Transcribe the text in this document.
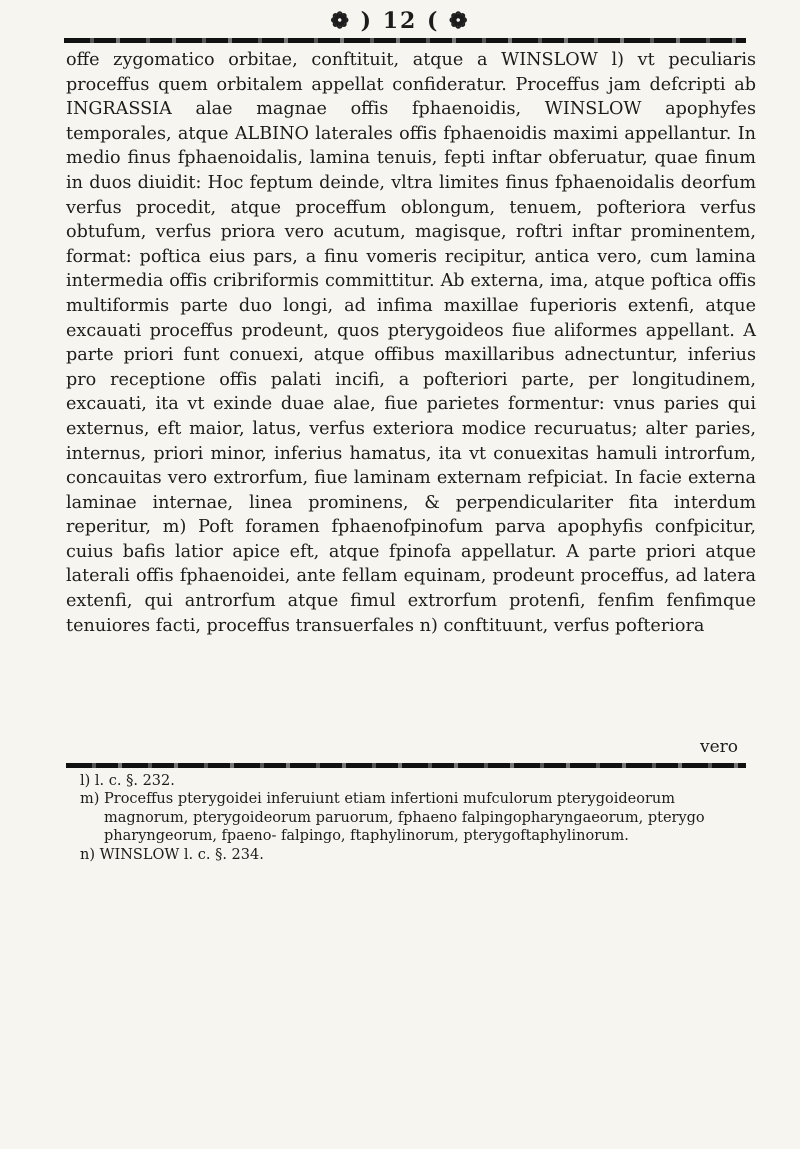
❁ ) 12 ( ❁

offe zygomatico orbitae, conftituit, atque a WINSLOW l) vt peculiaris proceffus quem orbitalem appellat confideratur. Proceffus jam defcripti ab INGRASSIA alae magnae offis fphaenoidis, WINSLOW apophyfes temporales, atque ALBINO laterales offis fphaenoidis maximi appellantur. In medio finus fphaenoidalis, lamina tenuis, fepti inftar obferuatur, quae finum in duos diuidit: Hoc feptum deinde, vltra limites finus fphaenoidalis deorfum verfus procedit, atque proceffum oblongum, tenuem, pofteriora verfus obtufum, verfus priora vero acutum, magisque, roftri inftar prominentem, format: poftica eius pars, a finu vomeris recipitur, antica vero, cum lamina intermedia offis cribriformis committitur. Ab externa, ima, atque poftica offis multiformis parte duo longi, ad infima maxillae fuperioris extenfi, atque excauati proceffus prodeunt, quos pterygoideos fiue aliformes appellant. A parte priori funt conuexi, atque offibus maxillaribus adnectuntur, inferius pro receptione offis palati incifi, a pofteriori parte, per longitudinem, excauati, ita vt exinde duae alae, fiue parietes formentur: vnus paries qui externus, eft maior, latus, verfus exteriora modice recuruatus; alter paries, internus, priori minor, inferius hamatus, ita vt conuexitas hamuli introrfum, concauitas vero extrorfum, fiue laminam externam refpiciat. In facie externa laminae internae, linea prominens, & perpendiculariter fita interdum reperitur, m) Poft foramen fphaenofpinofum parva apophyfis confpicitur, cuius bafis latior apice eft, atque fpinofa appellatur. A parte priori atque laterali offis fphaenoidei, ante fellam equinam, prodeunt proceffus, ad latera extenfi, qui antrorfum atque fimul extrorfum protenfi, fenfim fenfimque tenuiores facti, proceffus transuerfales n) conftituunt, verfus pofteriora

vero

l) l. c. §. 232.

m) Proceffus pterygoidei inferuiunt etiam infertioni mufculorum pterygoideorum magnorum, pterygoideorum paruorum, fphaeno falpingopharyngaeorum, pterygo pharyngeorum, fpaeno- falpingo, ftaphylinorum, pterygoftaphylinorum.

n) WINSLOW l. c. §. 234.
